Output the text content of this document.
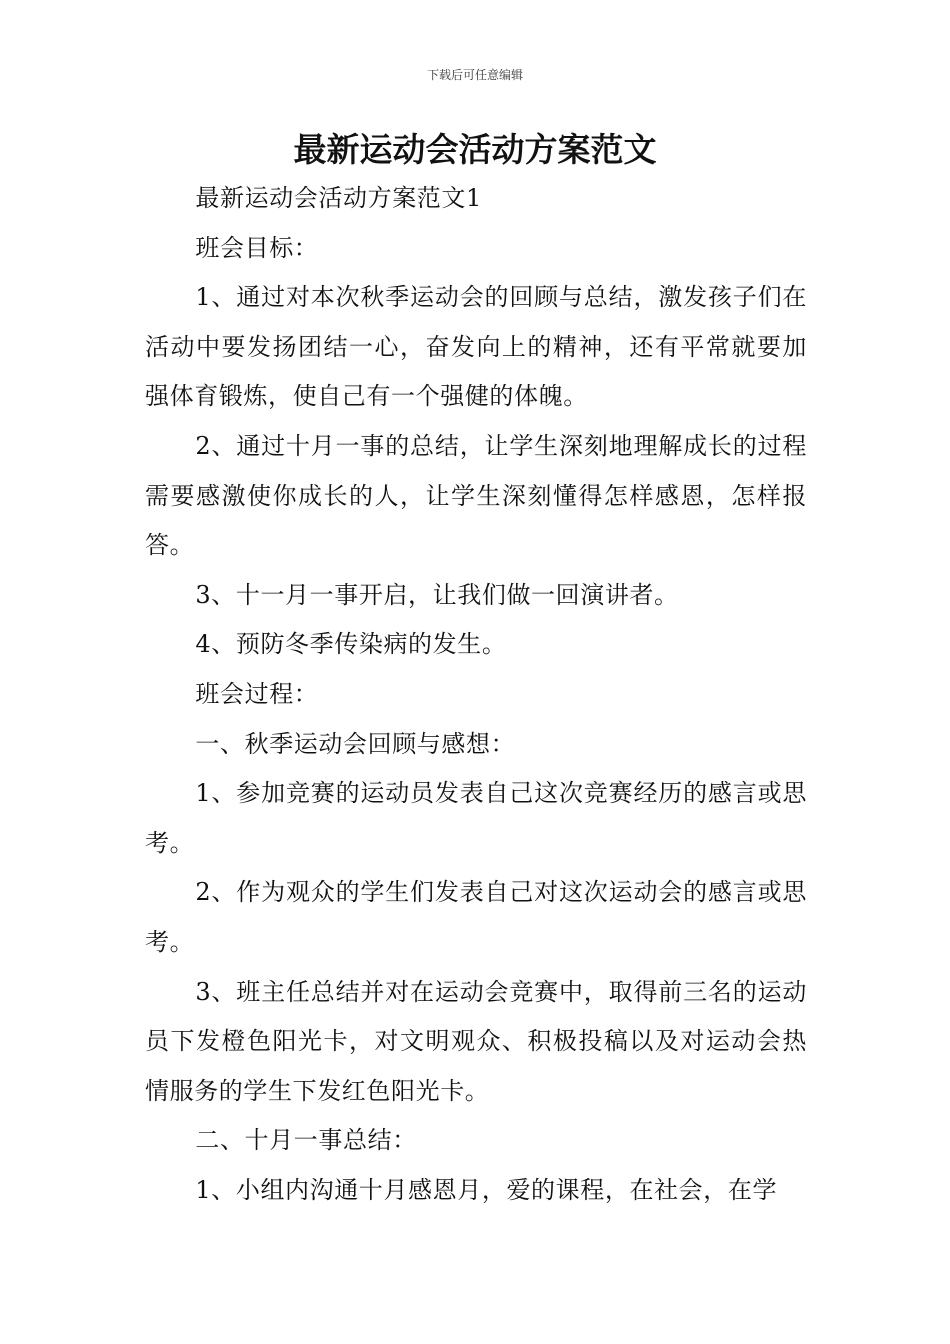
下载后可任意编辑
最新运动会活动方案范文

最新运动会活动方案范文1

班会目标：

1、通过对本次秋季运动会的回顾与总结，激发孩子们在活动中要发扬团结一心，奋发向上的精神，还有平常就要加强体育锻炼，使自己有一个强健的体魄。

2、通过十月一事的总结，让学生深刻地理解成长的过程需要感激使你成长的人，让学生深刻懂得怎样感恩，怎样报答。

3、十一月一事开启，让我们做一回演讲者。

4、预防冬季传染病的发生。

班会过程：

一、秋季运动会回顾与感想：

1、参加竞赛的运动员发表自己这次竞赛经历的感言或思考。

2、作为观众的学生们发表自己对这次运动会的感言或思考。

3、班主任总结并对在运动会竞赛中，取得前三名的运动员下发橙色阳光卡，对文明观众、积极投稿以及对运动会热情服务的学生下发红色阳光卡。

二、十月一事总结：

1、小组内沟通十月感恩月，爱的课程，在社会，在学
